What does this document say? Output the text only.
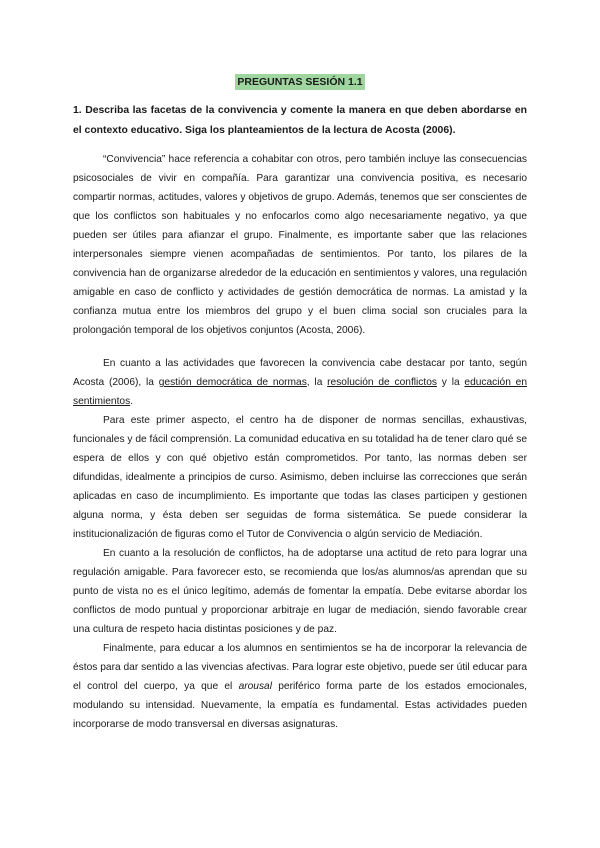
PREGUNTAS SESIÓN 1.1
1. Describa las facetas de la convivencia y comente la manera en que deben abordarse en el contexto educativo. Siga los planteamientos de la lectura de Acosta (2006).

“Convivencia” hace referencia a cohabitar con otros, pero también incluye las consecuencias psicosociales de vivir en compañía. Para garantizar una convivencia positiva, es necesario compartir normas, actitudes, valores y objetivos de grupo. Además, tenemos que ser conscientes de que los conflictos son habituales y no enfocarlos como algo necesariamente negativo, ya que pueden ser útiles para afianzar el grupo. Finalmente, es importante saber que las relaciones interpersonales siempre vienen acompañadas de sentimientos. Por tanto, los pilares de la convivencia han de organizarse alrededor de la educación en sentimientos y valores, una regulación amigable en caso de conflicto y actividades de gestión democrática de normas. La amistad y la confianza mutua entre los miembros del grupo y el buen clima social son cruciales para la prolongación temporal de los objetivos conjuntos (Acosta, 2006).

En cuanto a las actividades que favorecen la convivencia cabe destacar por tanto, según Acosta (2006), la gestión democrática de normas, la resolución de conflictos y la educación en sentimientos.

Para este primer aspecto, el centro ha de disponer de normas sencillas, exhaustivas, funcionales y de fácil comprensión. La comunidad educativa en su totalidad ha de tener claro qué se espera de ellos y con qué objetivo están comprometidos. Por tanto, las normas deben ser difundidas, idealmente a principios de curso. Asimismo, deben incluirse las correcciones que serán aplicadas en caso de incumplimiento. Es importante que todas las clases participen y gestionen alguna norma, y ésta deben ser seguidas de forma sistemática. Se puede considerar la institucionalización de figuras como el Tutor de Convivencia o algún servicio de Mediación.

En cuanto a la resolución de conflictos, ha de adoptarse una actitud de reto para lograr una regulación amigable. Para favorecer esto, se recomienda que los/as alumnos/as aprendan que su punto de vista no es el único legítimo, además de fomentar la empatía. Debe evitarse abordar los conflictos de modo puntual y proporcionar arbitraje en lugar de mediación, siendo favorable crear una cultura de respeto hacia distintas posiciones y de paz.

Finalmente, para educar a los alumnos en sentimientos se ha de incorporar la relevancia de éstos para dar sentido a las vivencias afectivas. Para lograr este objetivo, puede ser útil educar para el control del cuerpo, ya que el arousal periférico forma parte de los estados emocionales, modulando su intensidad. Nuevamente, la empatía es fundamental. Estas actividades pueden incorporarse de modo transversal en diversas asignaturas.
